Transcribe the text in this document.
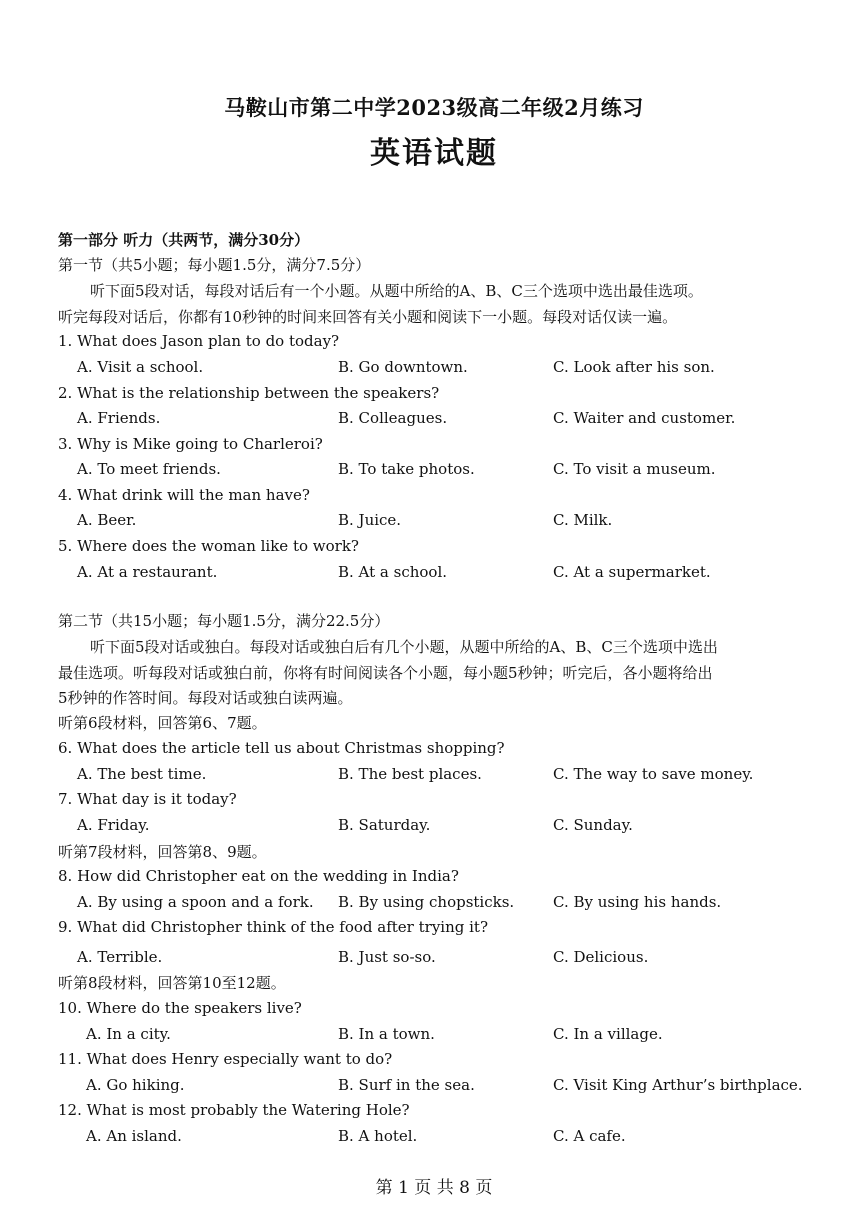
马鞍山市第二中学2023级高二年级2月练习
英语试题
第一部分 听力（共两节，满分30分）
第一节（共5小题；每小题1.5分，满分7.5分）
听下面5段对话，每段对话后有一个小题。从题中所给的A、B、C三个选项中选出最佳选项。
听完每段对话后，你都有10秒钟的时间来回答有关小题和阅读下一小题。每段对话仅读一遍。
1. What does Jason plan to do today?
A. Visit a school.	B. Go downtown.	C. Look after his son.
2. What is the relationship between the speakers?
A. Friends.	B. Colleagues.	C. Waiter and customer.
3. Why is Mike going to Charleroi?
A. To meet friends.	B. To take photos.	C. To visit a museum.
4. What drink will the man have?
A. Beer.	B. Juice.	C. Milk.
5. Where does the woman like to work?
A. At a restaurant.	B. At a school.	C. At a supermarket.
第二节（共15小题；每小题1.5分，满分22.5分）
听下面5段对话或独白。每段对话或独白后有几个小题，从题中所给的A、B、C三个选项中选出
最佳选项。听每段对话或独白前，你将有时间阅读各个小题，每小题5秒钟；听完后，各小题将给出
5秒钟的作答时间。每段对话或独白读两遍。
听第6段材料，回答第6、7题。
6. What does the article tell us about Christmas shopping?
A. The best time.	B. The best places.	C. The way to save money.
7. What day is it today?
A. Friday.	B. Saturday.	C. Sunday.
听第7段材料，回答第8、9题。
8. How did Christopher eat on the wedding in India?
A. By using a spoon and a fork. B. By using chopsticks.	C. By using his hands.
9. What did Christopher think of the food after trying it?
A. Terrible.	B. Just so-so.	C. Delicious.
听第8段材料，回答第10至12题。
10. Where do the speakers live?
A. In a city.	B. In a town.	C. In a village.
11. What does Henry especially want to do?
A. Go hiking.	B. Surf in the sea.	C. Visit King Arthur’s birthplace.
12. What is most probably the Watering Hole?
A. An island.	B. A hotel.	C. A cafe.
第 1 页 共 8 页
